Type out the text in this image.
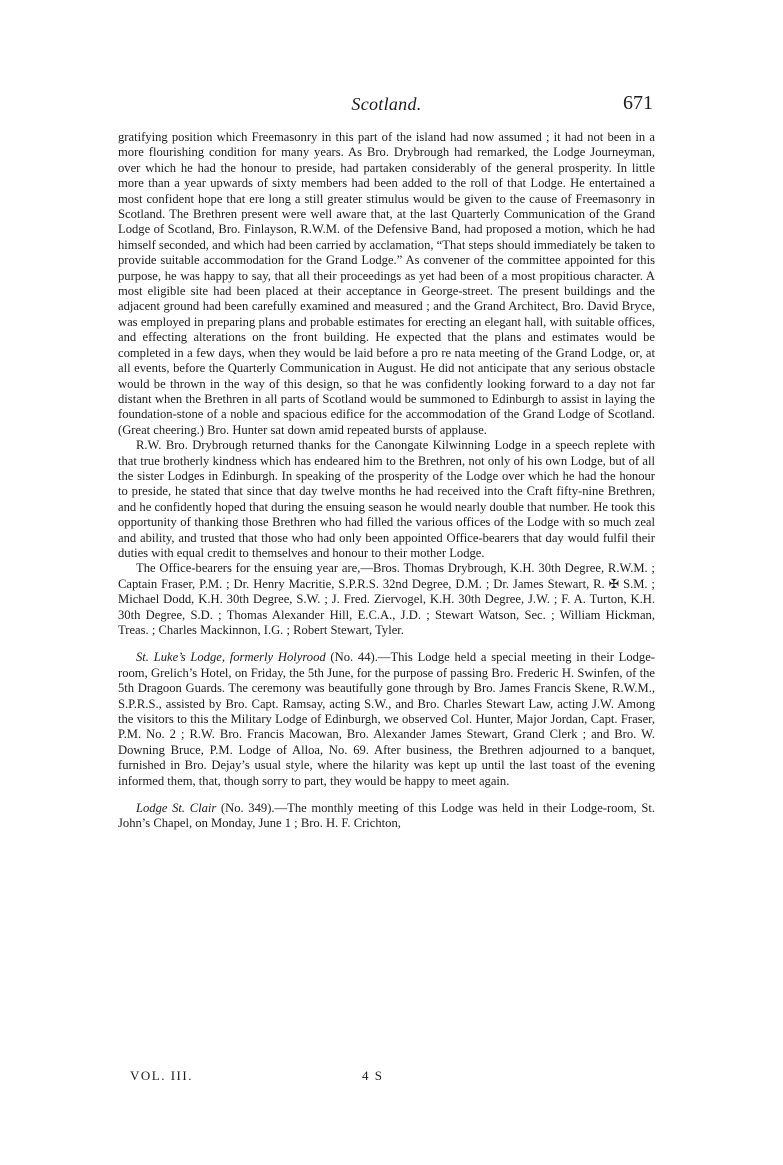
Scotland.	671

gratifying position which Freemasonry in this part of the island had now assumed ; it had not been in a more flourishing condition for many years. As Bro. Drybrough had remarked, the Lodge Journeyman, over which he had the honour to preside, had partaken considerably of the general prosperity. In little more than a year upwards of sixty members had been added to the roll of that Lodge. He entertained a most confident hope that ere long a still greater stimulus would be given to the cause of Freemasonry in Scotland. The Brethren present were well aware that, at the last Quarterly Communication of the Grand Lodge of Scotland, Bro. Finlayson, R.W.M. of the Defensive Band, had proposed a motion, which he had himself seconded, and which had been carried by acclamation, “That steps should immediately be taken to provide suitable accommodation for the Grand Lodge.” As convener of the committee appointed for this purpose, he was happy to say, that all their proceedings as yet had been of a most propitious character. A most eligible site had been placed at their acceptance in George-street. The present buildings and the adjacent ground had been carefully examined and measured ; and the Grand Architect, Bro. David Bryce, was employed in preparing plans and probable estimates for erecting an elegant hall, with suitable offices, and effecting alterations on the front building. He expected that the plans and estimates would be completed in a few days, when they would be laid before a pro re nata meeting of the Grand Lodge, or, at all events, before the Quarterly Communication in August. He did not anticipate that any serious obstacle would be thrown in the way of this design, so that he was confidently looking forward to a day not far distant when the Brethren in all parts of Scotland would be summoned to Edinburgh to assist in laying the foundation-stone of a noble and spacious edifice for the accommodation of the Grand Lodge of Scotland. (Great cheering.) Bro. Hunter sat down amid repeated bursts of applause.

R.W. Bro. Drybrough returned thanks for the Canongate Kilwinning Lodge in a speech replete with that true brotherly kindness which has endeared him to the Brethren, not only of his own Lodge, but of all the sister Lodges in Edinburgh. In speaking of the prosperity of the Lodge over which he had the honour to preside, he stated that since that day twelve months he had received into the Craft fifty-nine Brethren, and he confidently hoped that during the ensuing season he would nearly double that number. He took this opportunity of thanking those Brethren who had filled the various offices of the Lodge with so much zeal and ability, and trusted that those who had only been appointed Office-bearers that day would fulfil their duties with equal credit to themselves and honour to their mother Lodge.

The Office-bearers for the ensuing year are,—Bros. Thomas Drybrough, K.H. 30th Degree, R.W.M. ; Captain Fraser, P.M. ; Dr. Henry Macritie, S.P.R.S. 32nd Degree, D.M. ; Dr. James Stewart, R. ✠ S.M. ; Michael Dodd, K.H. 30th Degree, S.W. ; J. Fred. Ziervogel, K.H. 30th Degree, J.W. ; F. A. Turton, K.H. 30th Degree, S.D. ; Thomas Alexander Hill, E.C.A., J.D. ; Stewart Watson, Sec. ; William Hickman, Treas. ; Charles Mackinnon, I.G. ; Robert Stewart, Tyler.

St. Luke’s Lodge, formerly Holyrood (No. 44).—This Lodge held a special meeting in their Lodge-room, Grelich’s Hotel, on Friday, the 5th June, for the purpose of passing Bro. Frederic H. Swinfen, of the 5th Dragoon Guards. The ceremony was beautifully gone through by Bro. James Francis Skene, R.W.M., S.P.R.S., assisted by Bro. Capt. Ramsay, acting S.W., and Bro. Charles Stewart Law, acting J.W. Among the visitors to this the Military Lodge of Edinburgh, we observed Col. Hunter, Major Jordan, Capt. Fraser, P.M. No. 2 ; R.W. Bro. Francis Macowan, Bro. Alexander James Stewart, Grand Clerk ; and Bro. W. Downing Bruce, P.M. Lodge of Alloa, No. 69. After business, the Brethren adjourned to a banquet, furnished in Bro. Dejay’s usual style, where the hilarity was kept up until the last toast of the evening informed them, that, though sorry to part, they would be happy to meet again.

Lodge St. Clair (No. 349).—The monthly meeting of this Lodge was held in their Lodge-room, St. John’s Chapel, on Monday, June 1 ; Bro. H. F. Crichton,

VOL. III.	4 S
